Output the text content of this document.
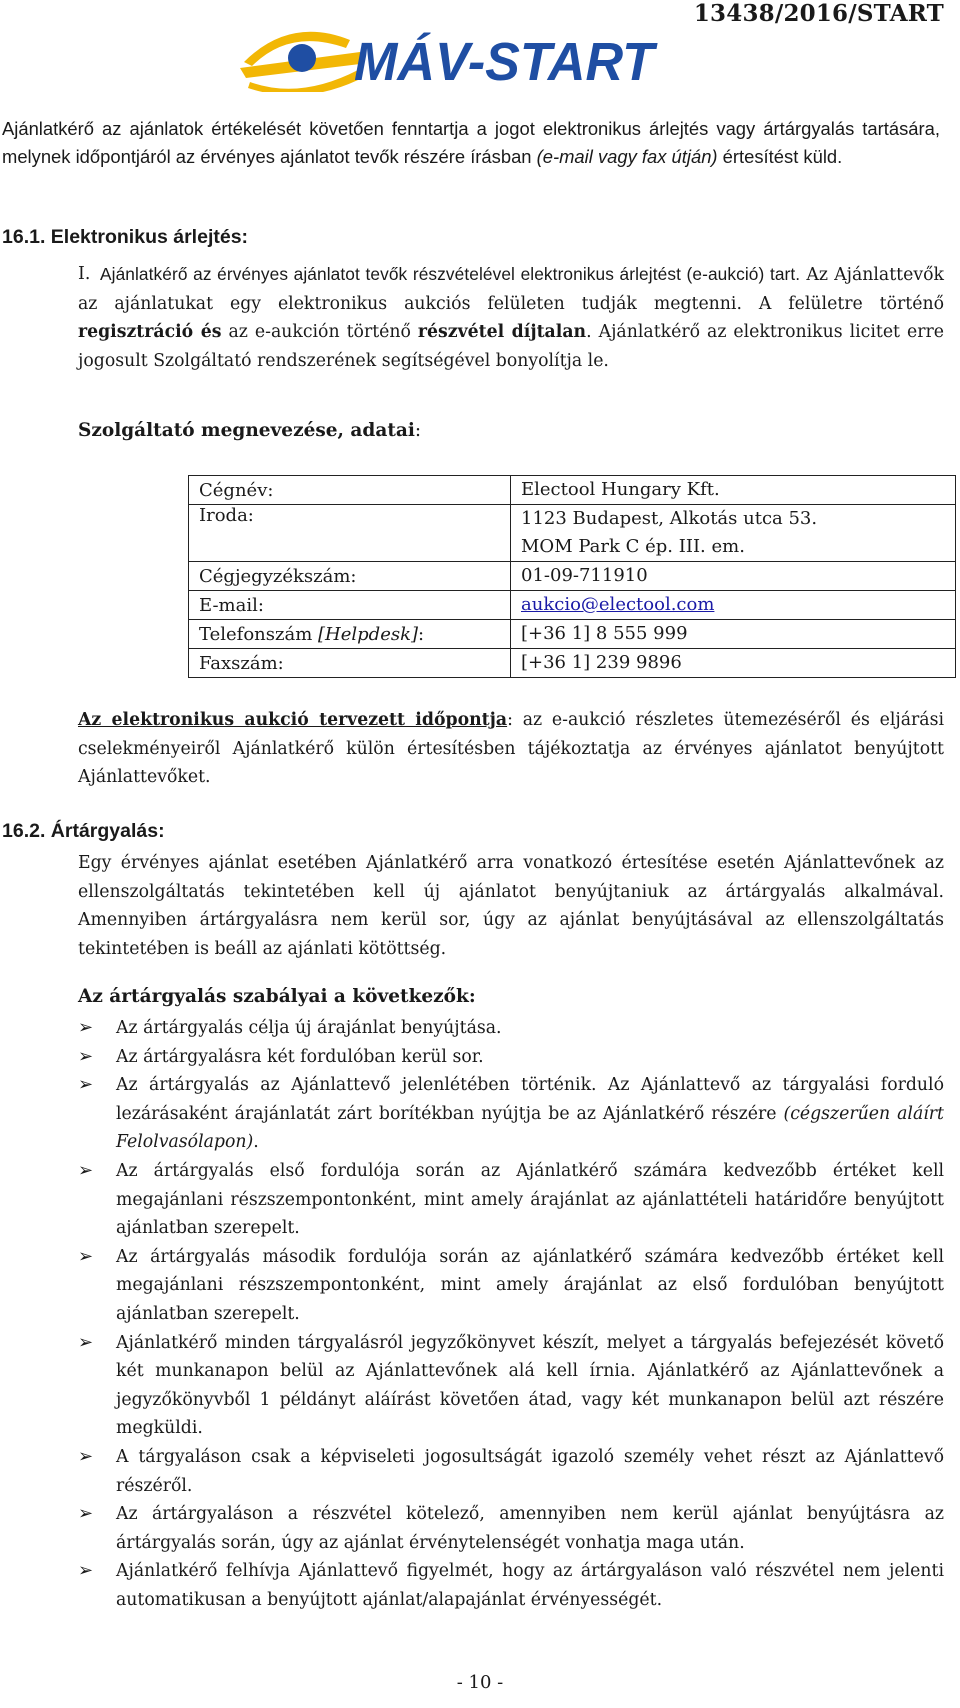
13438/2016/START
MÁV-START

Ajánlatkérő az ajánlatok értékelését követően fenntartja a jogot elektronikus árlejtés vagy ártárgyalás tartására, melynek időpontjáról az érvényes ajánlatot tevők részére írásban (e-mail vagy fax útján) értesítést küld.

16.1. Elektronikus árlejtés:
I. Ajánlatkérő az érvényes ajánlatot tevők részvételével elektronikus árlejtést (e-aukció) tart. Az Ajánlattevők az ajánlatukat egy elektronikus aukciós felületen tudják megtenni. A felületre történő regisztráció és az e-aukción történő részvétel díjtalan. Ajánlatkérő az elektronikus licitet erre jogosult Szolgáltató rendszerének segítségével bonyolítja le.
Szolgáltató megnevezése, adatai:
Cégnév:	Electool Hungary Kft.
Iroda:	1123 Budapest, Alkotás utca 53.
MOM Park C ép. III. em.

Cégjegyzékszám:	01-09-711910
E-mail:	aukcio@electool.com
Telefonszám [Helpdesk]:	[+36 1] 8 555 999
Faxszám:	[+36 1] 239 9896

Az elektronikus aukció tervezett időpontja: az e-aukció részletes ütemezéséről és eljárási cselekményeiről Ajánlatkérő külön értesítésben tájékoztatja az érvényes ajánlatot benyújtott Ajánlattevőket.

16.2. Ártárgyalás:

Egy érvényes ajánlat esetében Ajánlatkérő arra vonatkozó értesítése esetén Ajánlattevőnek az ellenszolgáltatás tekintetében kell új ajánlatot benyújtaniuk az ártárgyalás alkalmával. Amennyiben ártárgyalásra nem kerül sor, úgy az ajánlat benyújtásával az ellenszolgáltatás tekintetében is beáll az ajánlati kötöttség.

Az ártárgyalás szabályai a következők:
➢	Az ártárgyalás célja új árajánlat benyújtása.
➢	Az ártárgyalásra két fordulóban kerül sor.
➢	Az ártárgyalás az Ajánlattevő jelenlétében történik. Az Ajánlattevő az tárgyalási forduló lezárásaként árajánlatát zárt borítékban nyújtja be az Ajánlatkérő részére (cégszerűen aláírt Felolvasólapon).
➢	Az ártárgyalás első fordulója során az Ajánlatkérő számára kedvezőbb értéket kell megajánlani részszempontonként, mint amely árajánlat az ajánlattételi határidőre benyújtott ajánlatban szerepelt.
➢	Az ártárgyalás második fordulója során az ajánlatkérő számára kedvezőbb értéket kell megajánlani részszempontonként, mint amely árajánlat az első fordulóban benyújtott ajánlatban szerepelt.
➢	Ajánlatkérő minden tárgyalásról jegyzőkönyvet készít, melyet a tárgyalás befejezését követő két munkanapon belül az Ajánlattevőnek alá kell írnia. Ajánlatkérő az Ajánlattevőnek a jegyzőkönyvből 1 példányt aláírást követően átad, vagy két munkanapon belül azt részére megküldi.
➢	A tárgyaláson csak a képviseleti jogosultságát igazoló személy vehet részt az Ajánlattevő részéről.
➢	Az ártárgyaláson a részvétel kötelező, amennyiben nem kerül ajánlat benyújtásra az ártárgyalás során, úgy az ajánlat érvénytelenségét vonhatja maga után.
➢	Ajánlatkérő felhívja Ajánlattevő figyelmét, hogy az ártárgyaláson való részvétel nem jelenti automatikusan a benyújtott ajánlat/alapajánlat érvényességét.
- 10 -
